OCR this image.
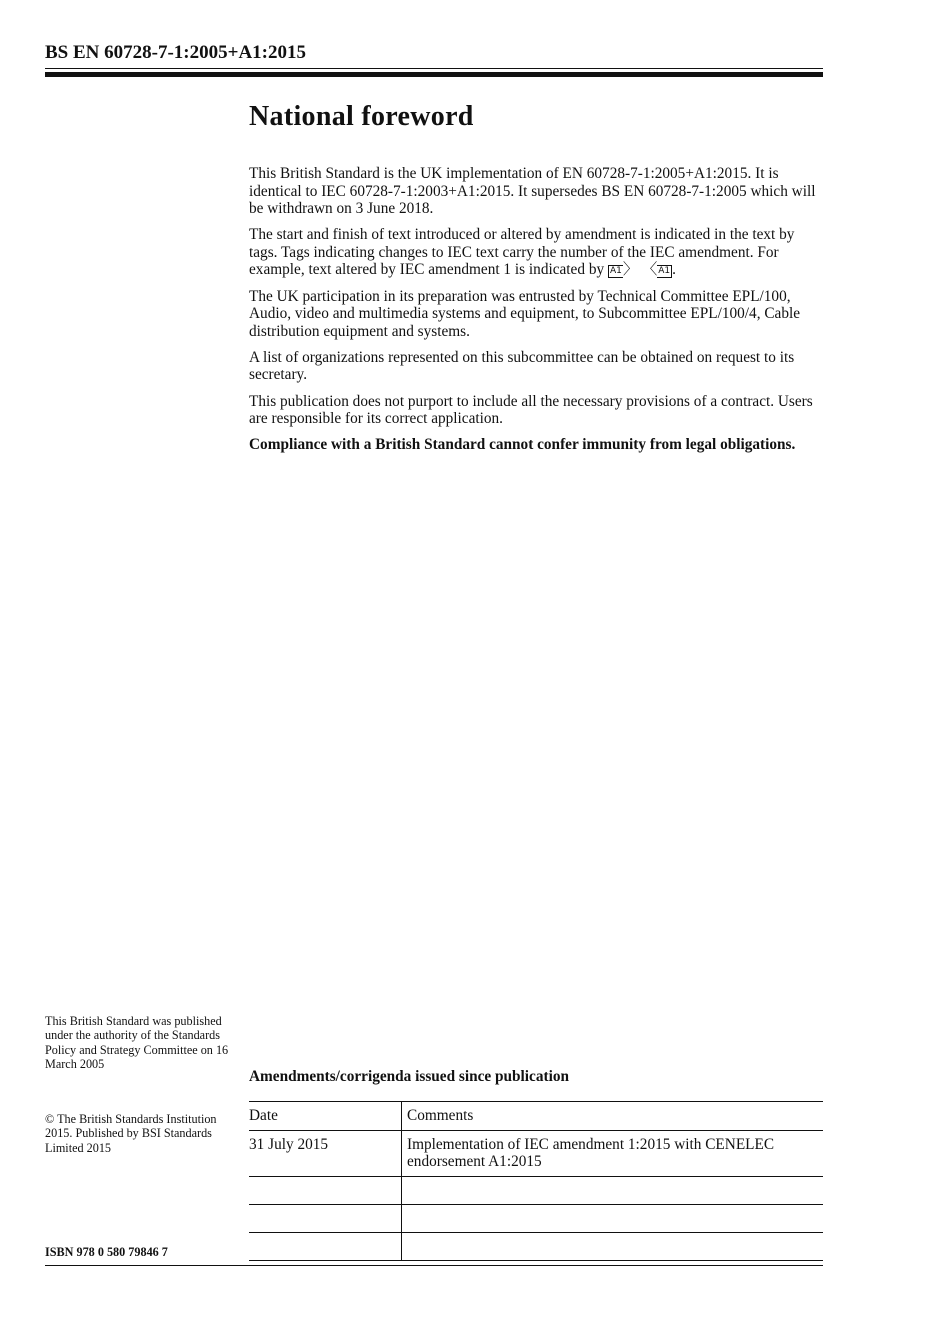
BS EN 60728-7-1:2005+A1:2015
National foreword

This British Standard is the UK implementation of EN 60728-7-1:2005+A1:2015. It is identical to IEC 60728-7-1:2003+A1:2015. It supersedes BS EN 60728-7-1:2005 which will be withdrawn on 3 June 2018.

The start and finish of text introduced or altered by amendment is indicated in the text by tags. Tags indicating changes to IEC text carry the number of the IEC amendment. For example, text altered by IEC amendment 1 is indicated by A1〉 〈A1 .

The UK participation in its preparation was entrusted by Technical Committee EPL/100, Audio, video and multimedia systems and equipment, to Subcommittee EPL/100/4, Cable distribution equipment and systems.

A list of organizations represented on this subcommittee can be obtained on request to its secretary.

This publication does not purport to include all the necessary provisions of a contract. Users are responsible for its correct application.

Compliance with a British Standard cannot confer immunity from legal obligations.

This British Standard was published under the authority of the Standards Policy and Strategy Committee on 16 March 2005
© The British Standards Institution 2015. Published by BSI Standards Limited 2015
ISBN 978 0 580 79846 7
Amendments/corrigenda issued since publication
Date	Comments
31 July 2015	Implementation of IEC amendment 1:2015 with CENELEC endorsement A1:2015
